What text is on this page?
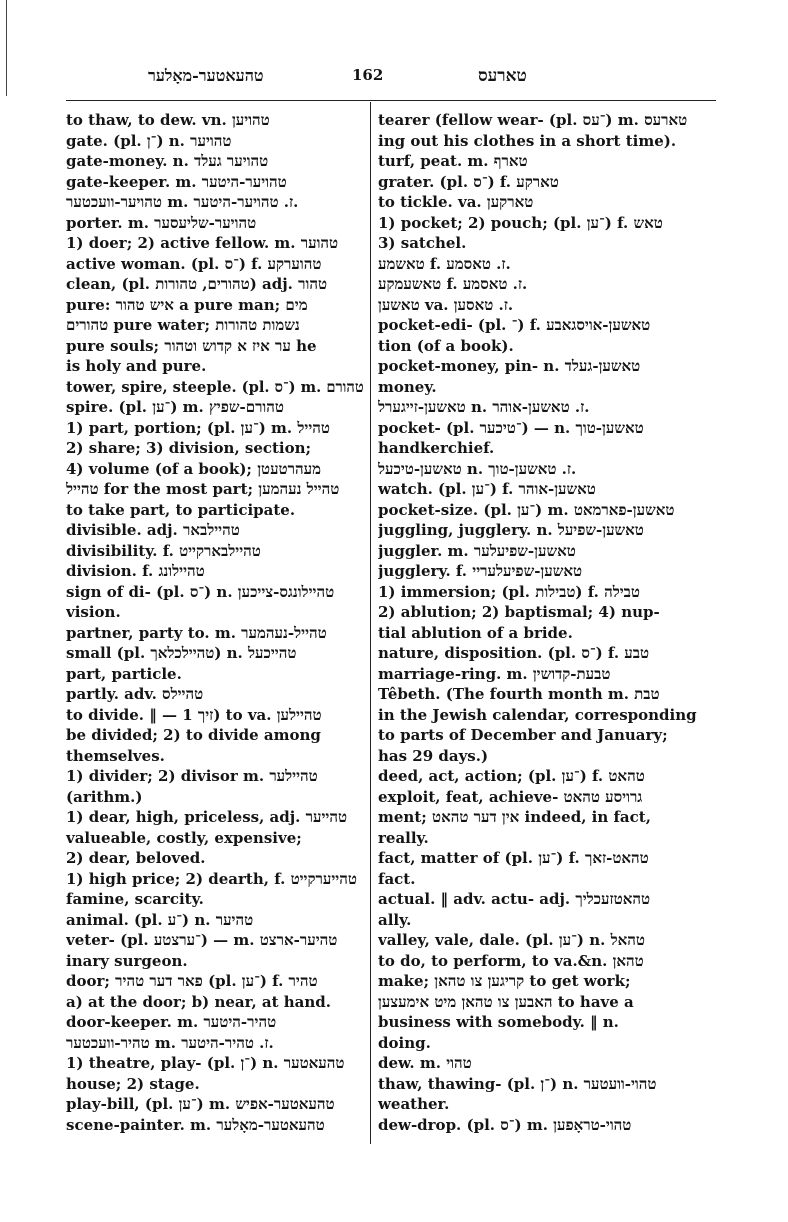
טהעאטער-מאָלער	162	טארעס
to thaw, to dew. vn. טהויען
gate. (pl. ־ן) n. טהויער
gate-money. n. טהויער געלד
gate-keeper. m. טהויער-היטער
טהויער-וועכטער m. ז. טהויער-היטער.
porter. m. טהויער-שליעסער
1) doer; 2) active fellow. m. טהוער
active woman. (pl. ־ס) f. טהוערקע
clean, (pl. טהורים, טהורות) adj. טהור
pure: איש טהור a pure man; מים
טהורים pure water; נשמות טהורות
pure souls; ער איז א קדוש וטהור he
is holy and pure.
tower, spire, steeple. (pl. ־ס) m. טהורם
spire. (pl. ־ען) m. טהורם-שפיץ
1) part, portion; (pl. ־ען) m. טהייל
2) share; 3) division, section;
4) volume (of a book); מעהרטעטן
טהייל for the most part; טהייל נעהמען
to take part, to participate.
divisible. adj. טהיילבאר
divisibility. f. טהיילבארקייט
division. f. טהיילונג
sign of di- (pl. ־ס) n. טהיילונגס-צייכען
vision.
partner, party to. m. טהייל-נעהמער
small (pl. טהיילכלאך) n. טהייכעל
part, particle.
partly. adv. טהיילס
to divide. ‖ — זיך 1) to va. טהיילען
be divided; 2) to divide among
themselves.
1) divider; 2) divisor m. טהיילער
(arithm.)
1) dear, high, priceless, adj. טהייער
valueable, costly, expensive;
2) dear, beloved.
1) high price; 2) dearth, f. טהייערקייט
famine, scarcity.
animal. (pl. ־ע) n. טהיער
veter- (pl. ־ערצטע) — m. טהיער-ארצט
inary surgeon.
door; פאר דער טהיר (pl. ־ען) f. טהיר
a) at the door; b) near, at hand.
door-keeper. m. טהיר-היטער
טהיר-וועכטער m. ז. טהיר-היטער.
1) theatre, play- (pl. ־ן) n. טהעאטער
house; 2) stage.
play-bill, (pl. ־ען) m. טהעאטער-אפיש
scene-painter. m. טהעאטער-מאָלער
tearer (fellow wear- (pl. ־עס) m. טארעס
ing out his clothes in a short time).
turf, peat. m. טארף
grater. (pl. ־ס) f. טארקע
to tickle. va. טארקען
1) pocket; 2) pouch; (pl. ־ען) f. טאש
3) satchel.
טאשמע f. ז. טאסמע.
טאשעמקע f. ז. טאסמע.
טאשען va. ז. טאסען.
pocket-edi- (pl. ־) f. טאשען-אויסגאבע
tion (of a book).
pocket-money, pin- n. טאשען-געלד
money.
טאשען-זייגערל n. ז. טאשען-אוהר.
pocket- (pl. ־טיכער) — n. טאשען-טוך
handkerchief.
טאשען-טיכעל n. ז. טאשען-טוך.
watch. (pl. ־ען) f. טאשען-אוהר
pocket-size. (pl. ־ען) m. טאשען-פארמאט
juggling, jugglery. n. טאשען-שפיעל
juggler. m. טאשען-שפיעלער
jugglery. f. טאשען-שפיעלעריי
1) immersion; (pl. טבילות) f. טבילה
2) ablution; 2) baptismal; 4) nup-
tial ablution of a bride.
nature, disposition. (pl. ־ס) f. טבע
marriage-ring. m. טבעת-קדושין
Têbeth. (The fourth month m. טבת
in the Jewish calendar, corresponding
to parts of December and January;
has 29 days.)
deed, act, action; (pl. ־ען) f. טהאט
exploit, feat, achieve- גרויסע טהאט
ment; אין דער טהאט indeed, in fact,
really.
fact, matter of (pl. ־ען) f. טהאט-זאך
fact.
actual. ‖ adv. actu- adj. טהאטזעכליך
ally.
valley, vale, dale. (pl. ־ען) n. טהאל
to do, to perform, to va.&n. טהאן
make; קריגען צו טהאן to get work;
האבען צו טהאן מיט אימעצען to have a
business with somebody. ‖ n.
doing.
dew. m. טהוי
thaw, thawing- (pl. ־ן) n. טהוי-וועטער
weather.
dew-drop. (pl. ־ס) m. טהוי-טראָפען
